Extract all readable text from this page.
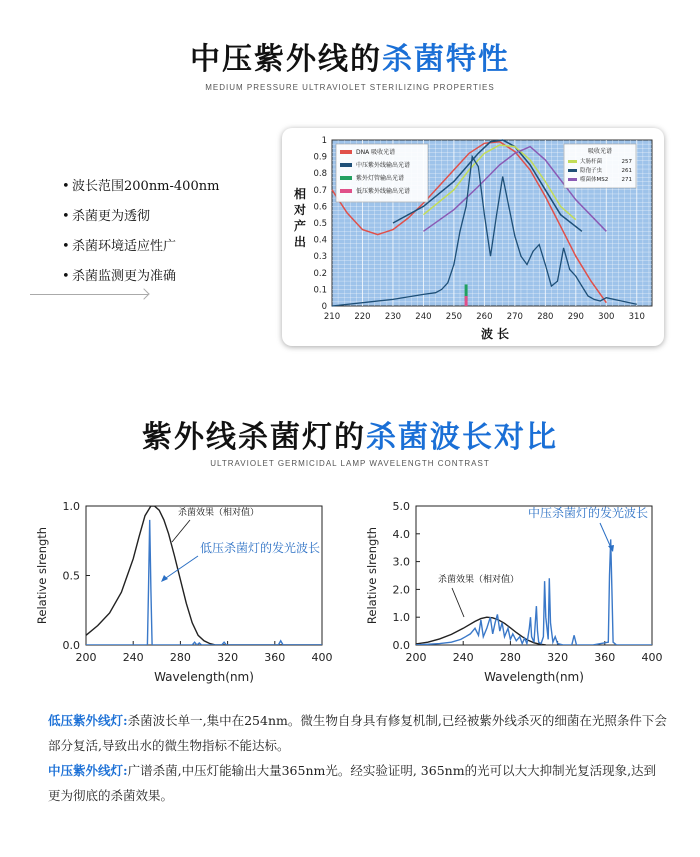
中压紫外线的杀菌特性
MEDIUM PRESSURE ULTRAVIOLET STERILIZING PROPERTIES
• 波长范围200nm-400nm
• 杀菌更为透彻
• 杀菌环境适应性广
• 杀菌监测更为准确
210 220 230 240 250 260 270 280 290 300 310
0
0.1
0.2
0.3
0.4
0.5
0.6
0.7
0.8
0.9
1
相
对
产
出
波长
DNA 吸收光谱
中压紫外线输出光谱
紫外灯管输出光谱
低压紫外线输出光谱
吸收光谱
大肠杆菌	257
隐孢子虫	261
噬菌体MS2 271
紫外线杀菌灯的杀菌波长对比
ULTRAVIOLET GERMICIDAL LAMP WAVELENGTH CONTRAST
200 240 280 320 360 400
0.0
0.5
1.0
Relative slrength
Wavelength(nm)
杀菌效果（相对值）
低压杀菌灯的发光波长
200 240 280 320 360 400
0.0
1.0
2.0
3.0
4.0
5.0
Relative slrength
Wavelength(nm)
杀菌效果（相对值）
中压杀菌灯的发光波长

低压紫外线灯:杀菌波长单一,集中在254nm。微生物自身具有修复机制,已经被紫外线杀灭的细菌在光照条件下会部分复活,导致出水的微生物指标不能达标。

中压紫外线灯:广谱杀菌,中压灯能输出大量365nm光。经实验证明, 365nm的光可以大大抑制光复活现象,达到更为彻底的杀菌效果。
